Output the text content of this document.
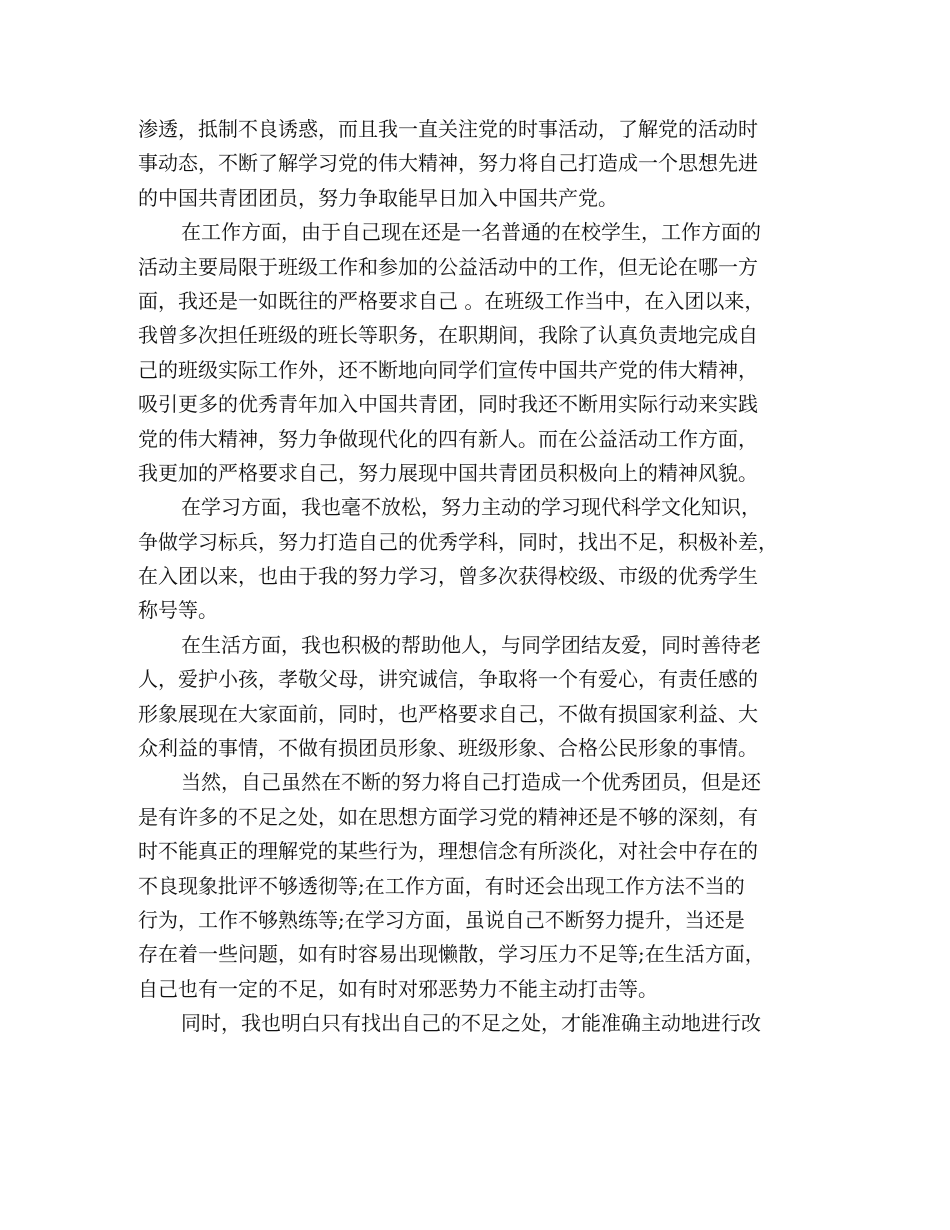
渗透，抵制不良诱惑，而且我一直关注党的时事活动，了解党的活动时
事动态，不断了解学习党的伟大精神，努力将自己打造成一个思想先进
的中国共青团团员，努力争取能早日加入中国共产党。
在工作方面，由于自己现在还是一名普通的在校学生，工作方面的
活动主要局限于班级工作和参加的公益活动中的工作，但无论在哪一方
面，我还是一如既往的严格要求自己 。在班级工作当中，在入团以来，
我曾多次担任班级的班长等职务，在职期间，我除了认真负责地完成自
己的班级实际工作外，还不断地向同学们宣传中国共产党的伟大精神，
吸引更多的优秀青年加入中国共青团，同时我还不断用实际行动来实践
党的伟大精神，努力争做现代化的四有新人。而在公益活动工作方面，
我更加的严格要求自己，努力展现中国共青团员积极向上的精神风貌。
在学习方面，我也毫不放松，努力主动的学习现代科学文化知识，
争做学习标兵，努力打造自己的优秀学科，同时，找出不足，积极补差，
在入团以来，也由于我的努力学习，曾多次获得校级、市级的优秀学生
称号等。
在生活方面，我也积极的帮助他人，与同学团结友爱，同时善待老
人，爱护小孩，孝敬父母，讲究诚信，争取将一个有爱心，有责任感的
形象展现在大家面前，同时，也严格要求自己，不做有损国家利益、大
众利益的事情，不做有损团员形象、班级形象、合格公民形象的事情。
当然，自己虽然在不断的努力将自己打造成一个优秀团员，但是还
是有许多的不足之处，如在思想方面学习党的精神还是不够的深刻，有
时不能真正的理解党的某些行为，理想信念有所淡化，对社会中存在的
不良现象批评不够透彻等;在工作方面，有时还会出现工作方法不当的
行为，工作不够熟练等;在学习方面，虽说自己不断努力提升，当还是
存在着一些问题，如有时容易出现懒散，学习压力不足等;在生活方面，
自己也有一定的不足，如有时对邪恶势力不能主动打击等。
同时，我也明白只有找出自己的不足之处，才能准确主动地进行改
